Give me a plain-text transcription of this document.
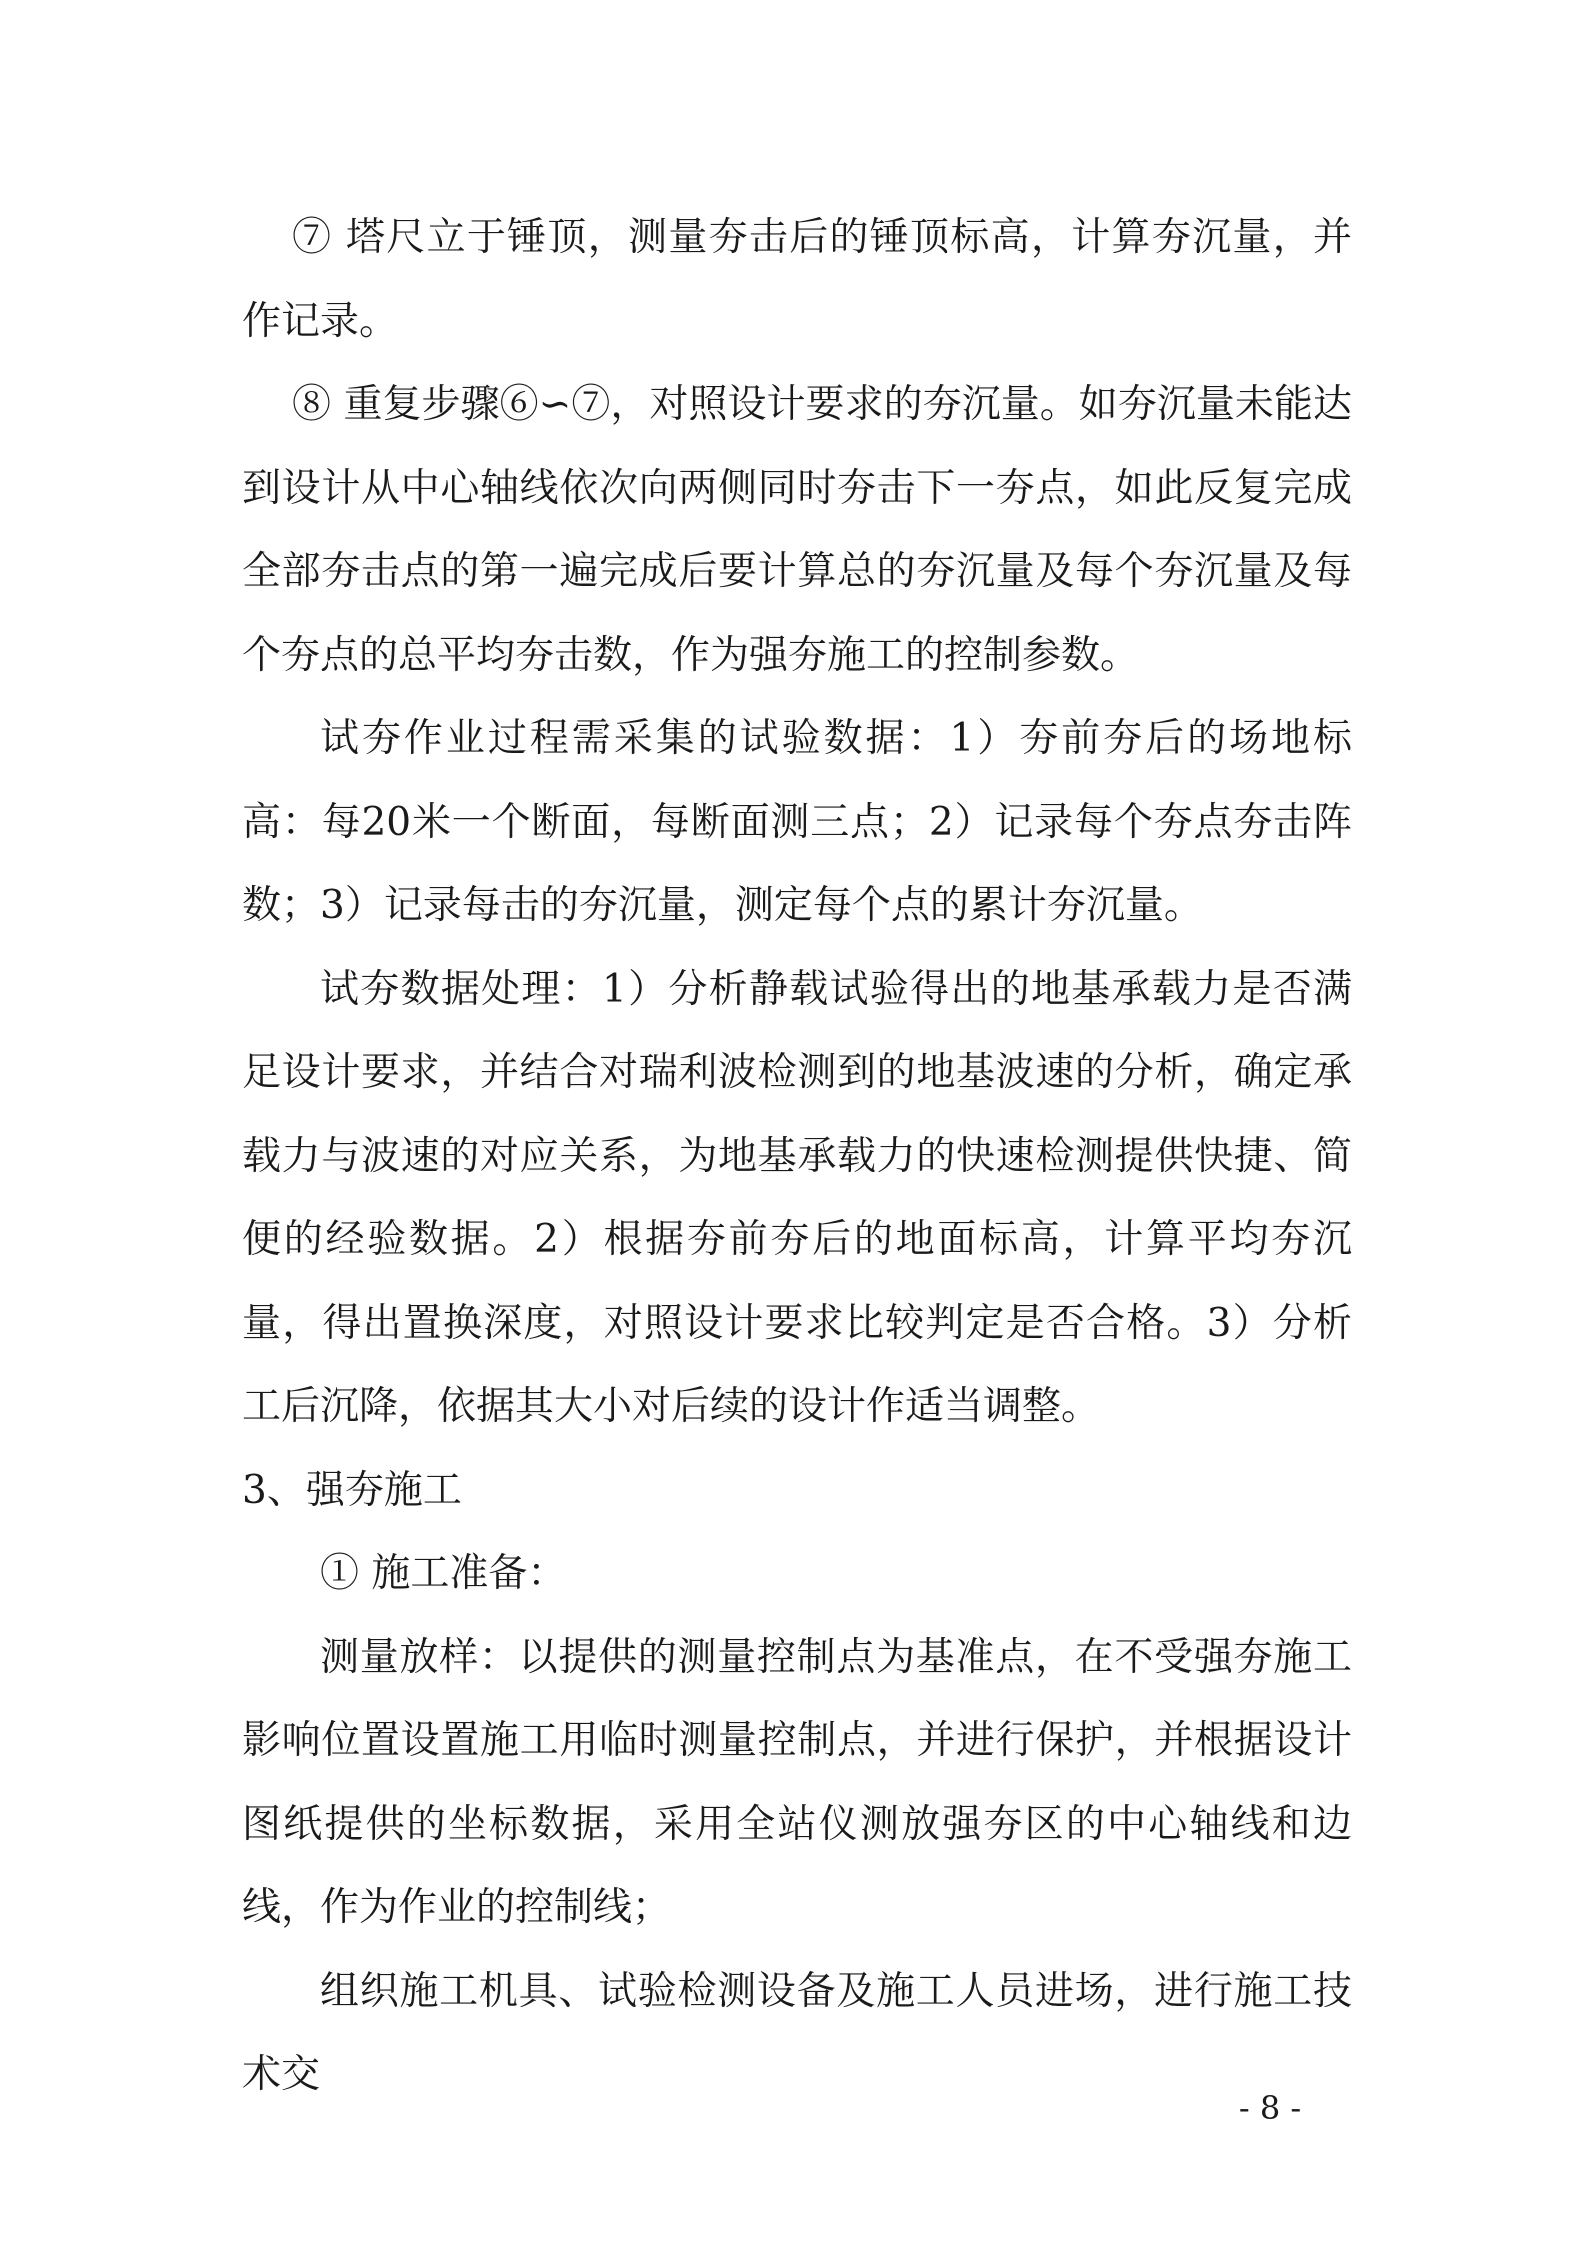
⑦ 塔尺立于锤顶，测量夯击后的锤顶标高，计算夯沉量，并作记录。

⑧ 重复步骤⑥∽⑦，对照设计要求的夯沉量。如夯沉量未能达到设计从中心轴线依次向两侧同时夯击下一夯点，如此反复完成全部夯击点的第一遍完成后要计算总的夯沉量及每个夯沉量及每个夯点的总平均夯击数，作为强夯施工的控制参数。

试夯作业过程需采集的试验数据：1）夯前夯后的场地标高：每20米一个断面，每断面测三点；2）记录每个夯点夯击阵数；3）记录每击的夯沉量，测定每个点的累计夯沉量。

试夯数据处理：1）分析静载试验得出的地基承载力是否满足设计要求，并结合对瑞利波检测到的地基波速的分析，确定承载力与波速的对应关系，为地基承载力的快速检测提供快捷、简便的经验数据。2）根据夯前夯后的地面标高，计算平均夯沉量，得出置换深度，对照设计要求比较判定是否合格。3）分析工后沉降，依据其大小对后续的设计作适当调整。

3、强夯施工

① 施工准备：

测量放样：以提供的测量控制点为基准点，在不受强夯施工影响位置设置施工用临时测量控制点，并进行保护，并根据设计图纸提供的坐标数据，采用全站仪测放强夯区的中心轴线和边线，作为作业的控制线；

组织施工机具、试验检测设备及施工人员进场，进行施工技术交

- 8 -
